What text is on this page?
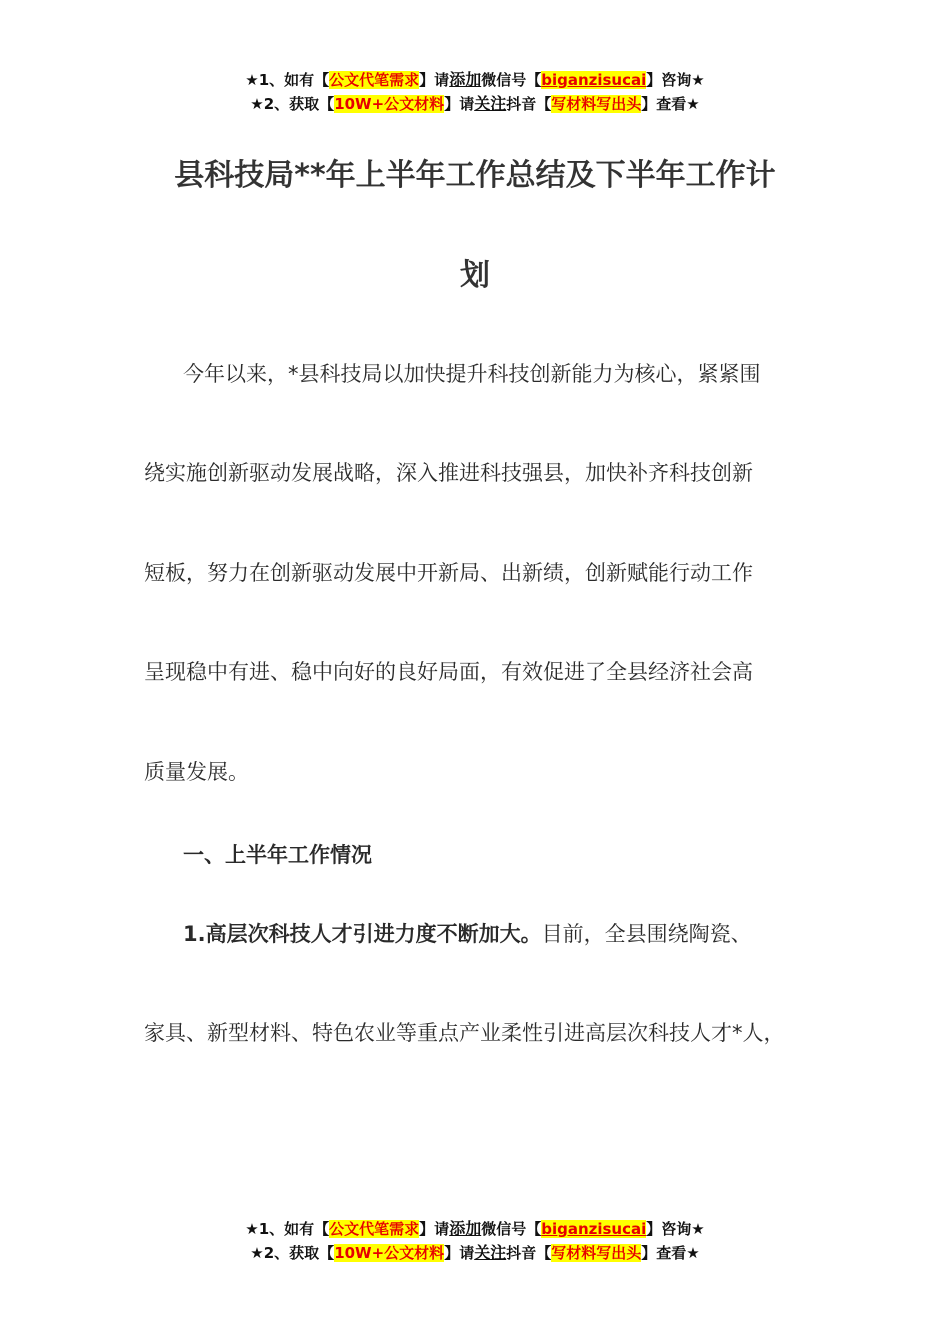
★1、如有【公文代笔需求】请添加微信号【biganzisucai】咨询★
★2、获取【10W+公文材料】请关注抖音【写材料写出头】查看★
县科技局**年上半年工作总结及下半年工作计
划
今年以来，*县科技局以加快提升科技创新能力为核心，紧紧围
绕实施创新驱动发展战略，深入推进科技强县，加快补齐科技创新
短板，努力在创新驱动发展中开新局、出新绩，创新赋能行动工作
呈现稳中有进、稳中向好的良好局面，有效促进了全县经济社会高
质量发展。
一、上半年工作情况
1.高层次科技人才引进力度不断加大。目前，全县围绕陶瓷、
家具、新型材料、特色农业等重点产业柔性引进高层次科技人才*人，
★1、如有【公文代笔需求】请添加微信号【biganzisucai】咨询★
★2、获取【10W+公文材料】请关注抖音【写材料写出头】查看★
